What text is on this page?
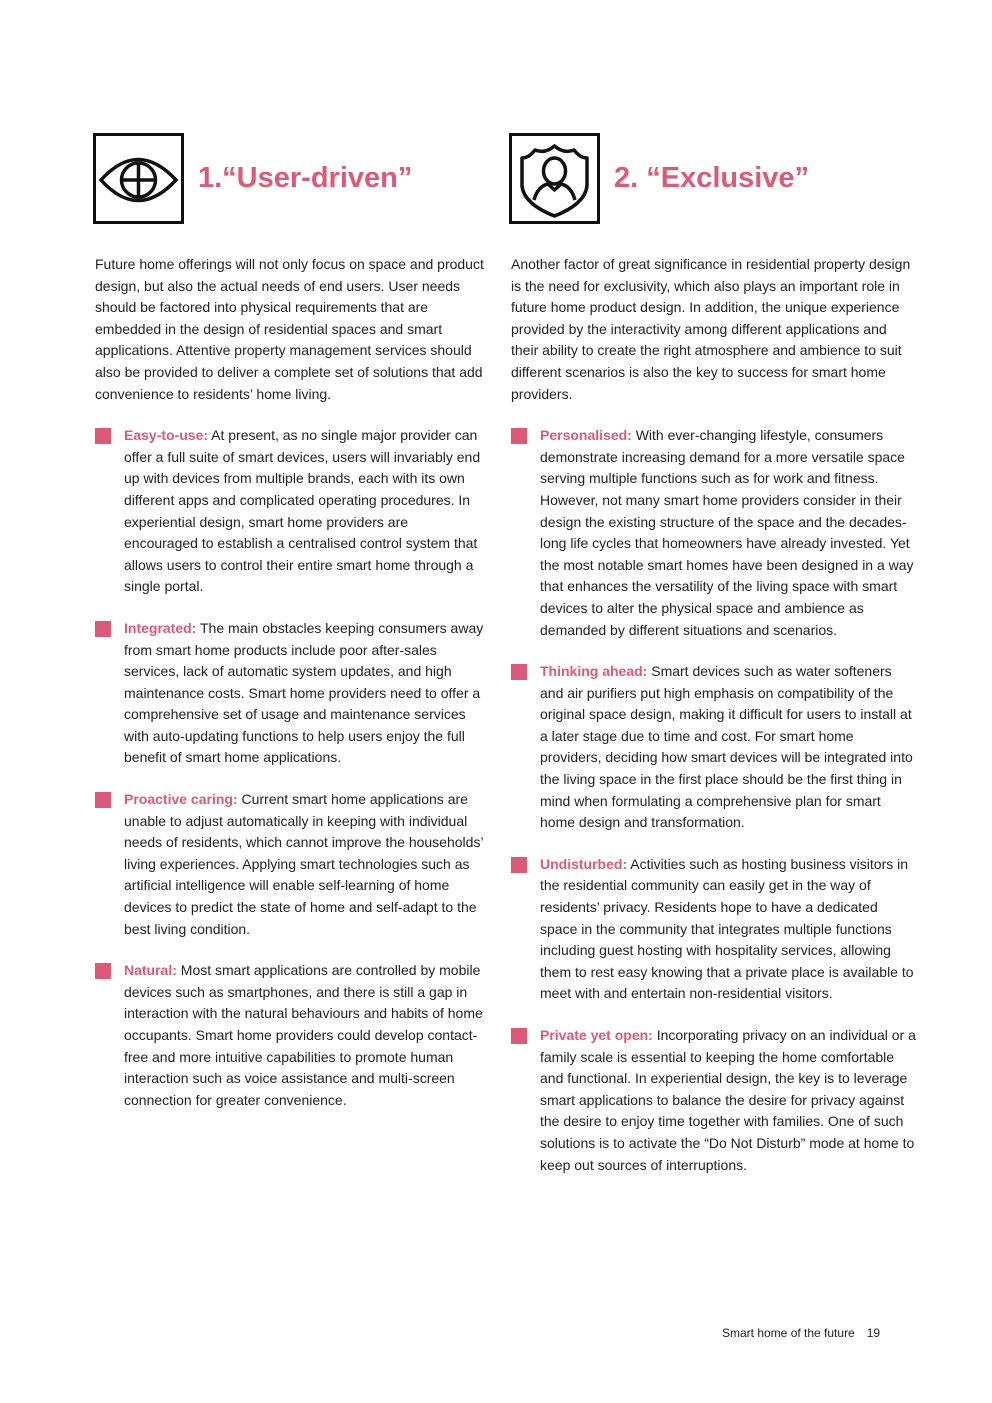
1.“User-driven”
Future home offerings will not only focus on space and product design, but also the actual needs of end users. User needs should be factored into physical requirements that are embedded in the design of residential spaces and smart applications. Attentive property management services should also be provided to deliver a complete set of solutions that add convenience to residents’ home living.
Easy-to-use: At present, as no single major provider can offer a full suite of smart devices, users will invariably end up with devices from multiple brands, each with its own different apps and complicated operating procedures. In experiential design, smart home providers are encouraged to establish a centralised control system that allows users to control their entire smart home through a single portal.
Integrated: The main obstacles keeping consumers away from smart home products include poor after-sales services, lack of automatic system updates, and high maintenance costs. Smart home providers need to offer a comprehensive set of usage and maintenance services with auto-updating functions to help users enjoy the full benefit of smart home applications.
Proactive caring: Current smart home applications are unable to adjust automatically in keeping with individual needs of residents, which cannot improve the households’ living experiences. Applying smart technologies such as artificial intelligence will enable self-learning of home devices to predict the state of home and self-adapt to the best living condition.
Natural: Most smart applications are controlled by mobile devices such as smartphones, and there is still a gap in interaction with the natural behaviours and habits of home occupants. Smart home providers could develop contact-free and more intuitive capabilities to promote human interaction such as voice assistance and multi-screen connection for greater convenience.
2. “Exclusive”
Another factor of great significance in residential property design is the need for exclusivity, which also plays an important role in future home product design. In addition, the unique experience provided by the interactivity among different applications and their ability to create the right atmosphere and ambience to suit different scenarios is also the key to success for smart home providers.
Personalised: With ever-changing lifestyle, consumers demonstrate increasing demand for a more versatile space serving multiple functions such as for work and fitness. However, not many smart home providers consider in their design the existing structure of the space and the decades-long life cycles that homeowners have already invested. Yet the most notable smart homes have been designed in a way that enhances the versatility of the living space with smart devices to alter the physical space and ambience as demanded by different situations and scenarios.
Thinking ahead: Smart devices such as water softeners and air purifiers put high emphasis on compatibility of the original space design, making it difficult for users to install at a later stage due to time and cost. For smart home providers, deciding how smart devices will be integrated into the living space in the first place should be the first thing in mind when formulating a comprehensive plan for smart home design and transformation.
Undisturbed: Activities such as hosting business visitors in the residential community can easily get in the way of residents’ privacy. Residents hope to have a dedicated space in the community that integrates multiple functions including guest hosting with hospitality services, allowing them to rest easy knowing that a private place is available to meet with and entertain non-residential visitors.
Private yet open: Incorporating privacy on an individual or a family scale is essential to keeping the home comfortable and functional. In experiential design, the key is to leverage smart applications to balance the desire for privacy against the desire to enjoy time together with families. One of such solutions is to activate the “Do Not Disturb” mode at home to keep out sources of interruptions.
Smart home of the future 19
